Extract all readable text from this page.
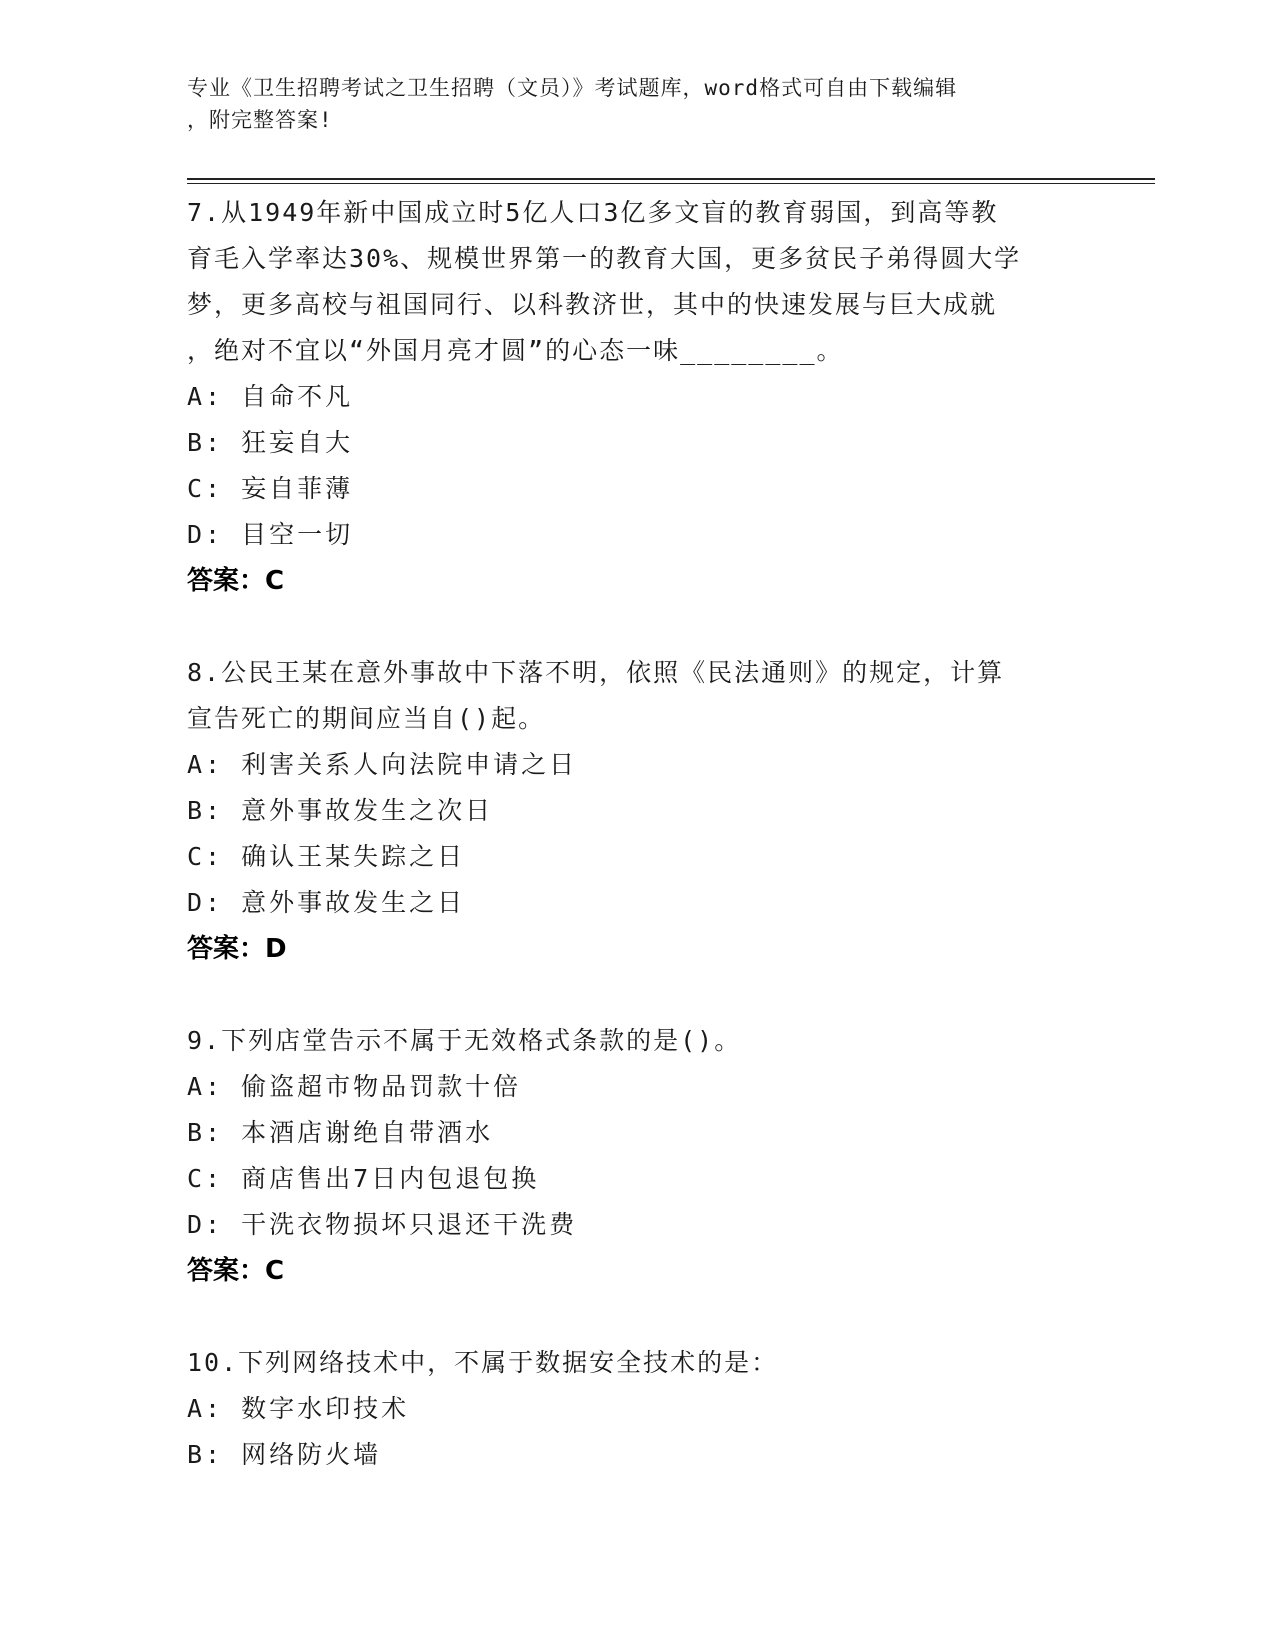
专业《卫生招聘考试之卫生招聘（文员）》考试题库，word格式可自由下载编辑
，附完整答案!

7.从1949年新中国成立时5亿人口3亿多文盲的教育弱国，到高等教

育毛入学率达30%、规模世界第一的教育大国，更多贫民子弟得圆大学

梦，更多高校与祖国同行、以科教济世，其中的快速发展与巨大成就

，绝对不宜以“外国月亮才圆”的心态一味________。

A: 自命不凡

B: 狂妄自大

C: 妄自菲薄

D: 目空一切

答案：C

8.公民王某在意外事故中下落不明，依照《民法通则》的规定，计算

宣告死亡的期间应当自()起。

A: 利害关系人向法院申请之日

B: 意外事故发生之次日

C: 确认王某失踪之日

D: 意外事故发生之日

答案：D

9.下列店堂告示不属于无效格式条款的是()。

A: 偷盗超市物品罚款十倍

B: 本酒店谢绝自带酒水

C: 商店售出7日内包退包换

D: 干洗衣物损坏只退还干洗费

答案：C

10.下列网络技术中，不属于数据安全技术的是：

A: 数字水印技术

B: 网络防火墙
